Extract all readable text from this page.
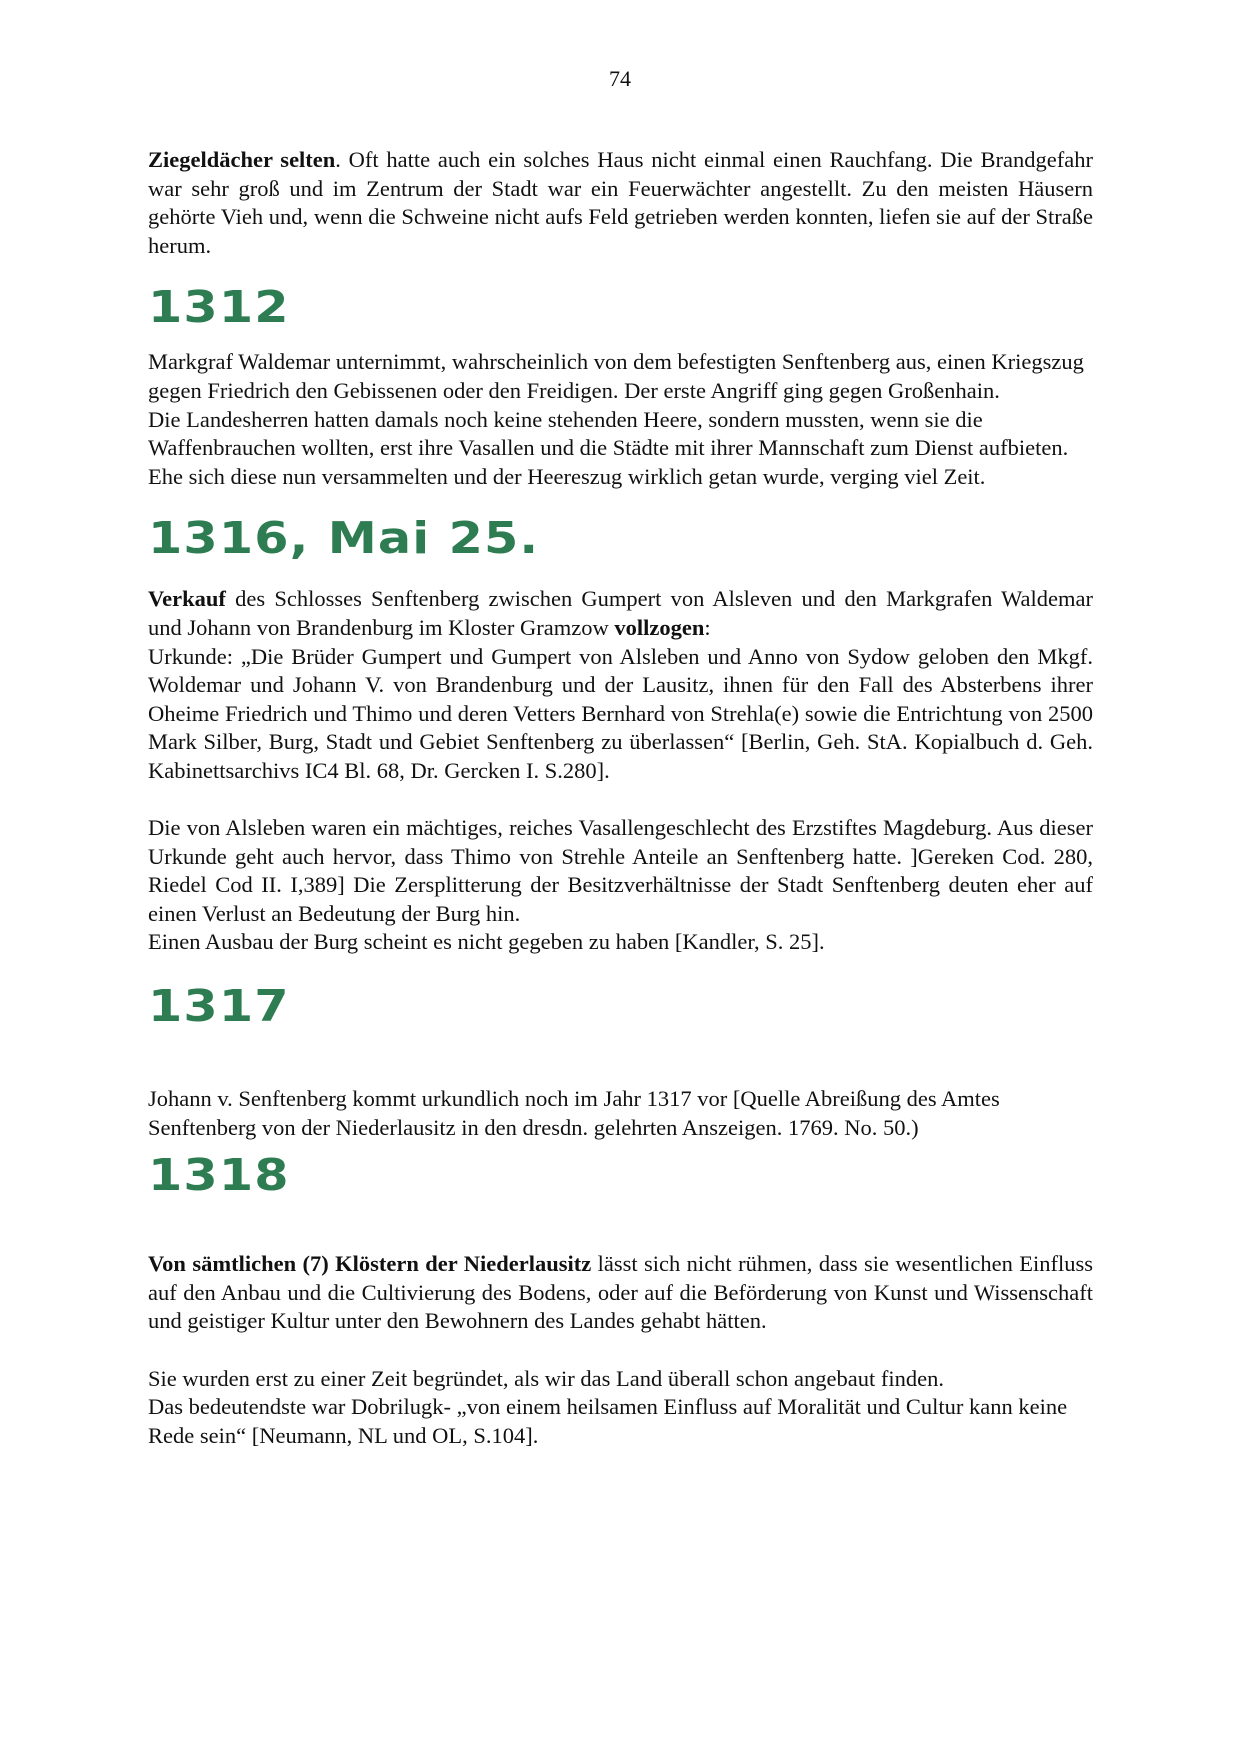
74

Ziegeldächer selten. Oft hatte auch ein solches Haus nicht einmal einen Rauchfang. Die Brandgefahr war sehr groß und im Zentrum der Stadt war ein Feuerwächter angestellt. Zu den meisten Häusern gehörte Vieh und, wenn die Schweine nicht aufs Feld getrieben werden konnten, liefen sie auf der Straße herum.

1312

Markgraf Waldemar unternimmt, wahrscheinlich von dem befestigten Senftenberg aus, einen Kriegszug gegen Friedrich den Gebissenen oder den Freidigen. Der erste Angriff ging gegen Großenhain.

Die Landesherren hatten damals noch keine stehenden Heere, sondern mussten, wenn sie die Waffenbrauchen wollten, erst ihre Vasallen und die Städte mit ihrer Mannschaft zum Dienst aufbieten. Ehe sich diese nun versammelten und der Heereszug wirklich getan wurde, verging viel Zeit.

1316, Mai 25.

Verkauf des Schlosses Senftenberg zwischen Gumpert von Alsleven und den Markgrafen Waldemar und Johann von Brandenburg im Kloster Gramzow vollzogen:

Urkunde: „Die Brüder Gumpert und Gumpert von Alsleben und Anno von Sydow geloben den Mkgf. Woldemar und Johann V. von Brandenburg und der Lausitz, ihnen für den Fall des Absterbens ihrer Oheime Friedrich und Thimo und deren Vetters Bernhard von Strehla(e) sowie die Entrichtung von 2500 Mark Silber, Burg, Stadt und Gebiet Senftenberg zu überlassen“ [Berlin, Geh. StA. Kopialbuch d. Geh. Kabinettsarchivs IC4 Bl. 68, Dr. Gercken I. S.280].

Die von Alsleben waren ein mächtiges, reiches Vasallengeschlecht des Erzstiftes Magdeburg. Aus dieser Urkunde geht auch hervor, dass Thimo von Strehle Anteile an Senftenberg hatte. ]Gereken Cod. 280, Riedel Cod II. I,389] Die Zersplitterung der Besitzverhältnisse der Stadt Senftenberg deuten eher auf einen Verlust an Bedeutung der Burg hin.

Einen Ausbau der Burg scheint es nicht gegeben zu haben [Kandler, S. 25].

1317

Johann v. Senftenberg kommt urkundlich noch im Jahr 1317 vor [Quelle Abreißung des Amtes Senftenberg von der Niederlausitz in den dresdn. gelehrten Anszeigen. 1769. No. 50.)

1318

Von sämtlichen (7) Klöstern der Niederlausitz lässt sich nicht rühmen, dass sie wesentlichen Einfluss auf den Anbau und die Cultivierung des Bodens, oder auf die Beförderung von Kunst und Wissenschaft und geistiger Kultur unter den Bewohnern des Landes gehabt hätten.

Sie wurden erst zu einer Zeit begründet, als wir das Land überall schon angebaut finden.

Das bedeutendste war Dobrilugk- „von einem heilsamen Einfluss auf Moralität und Cultur kann keine Rede sein“ [Neumann, NL und OL, S.104].
